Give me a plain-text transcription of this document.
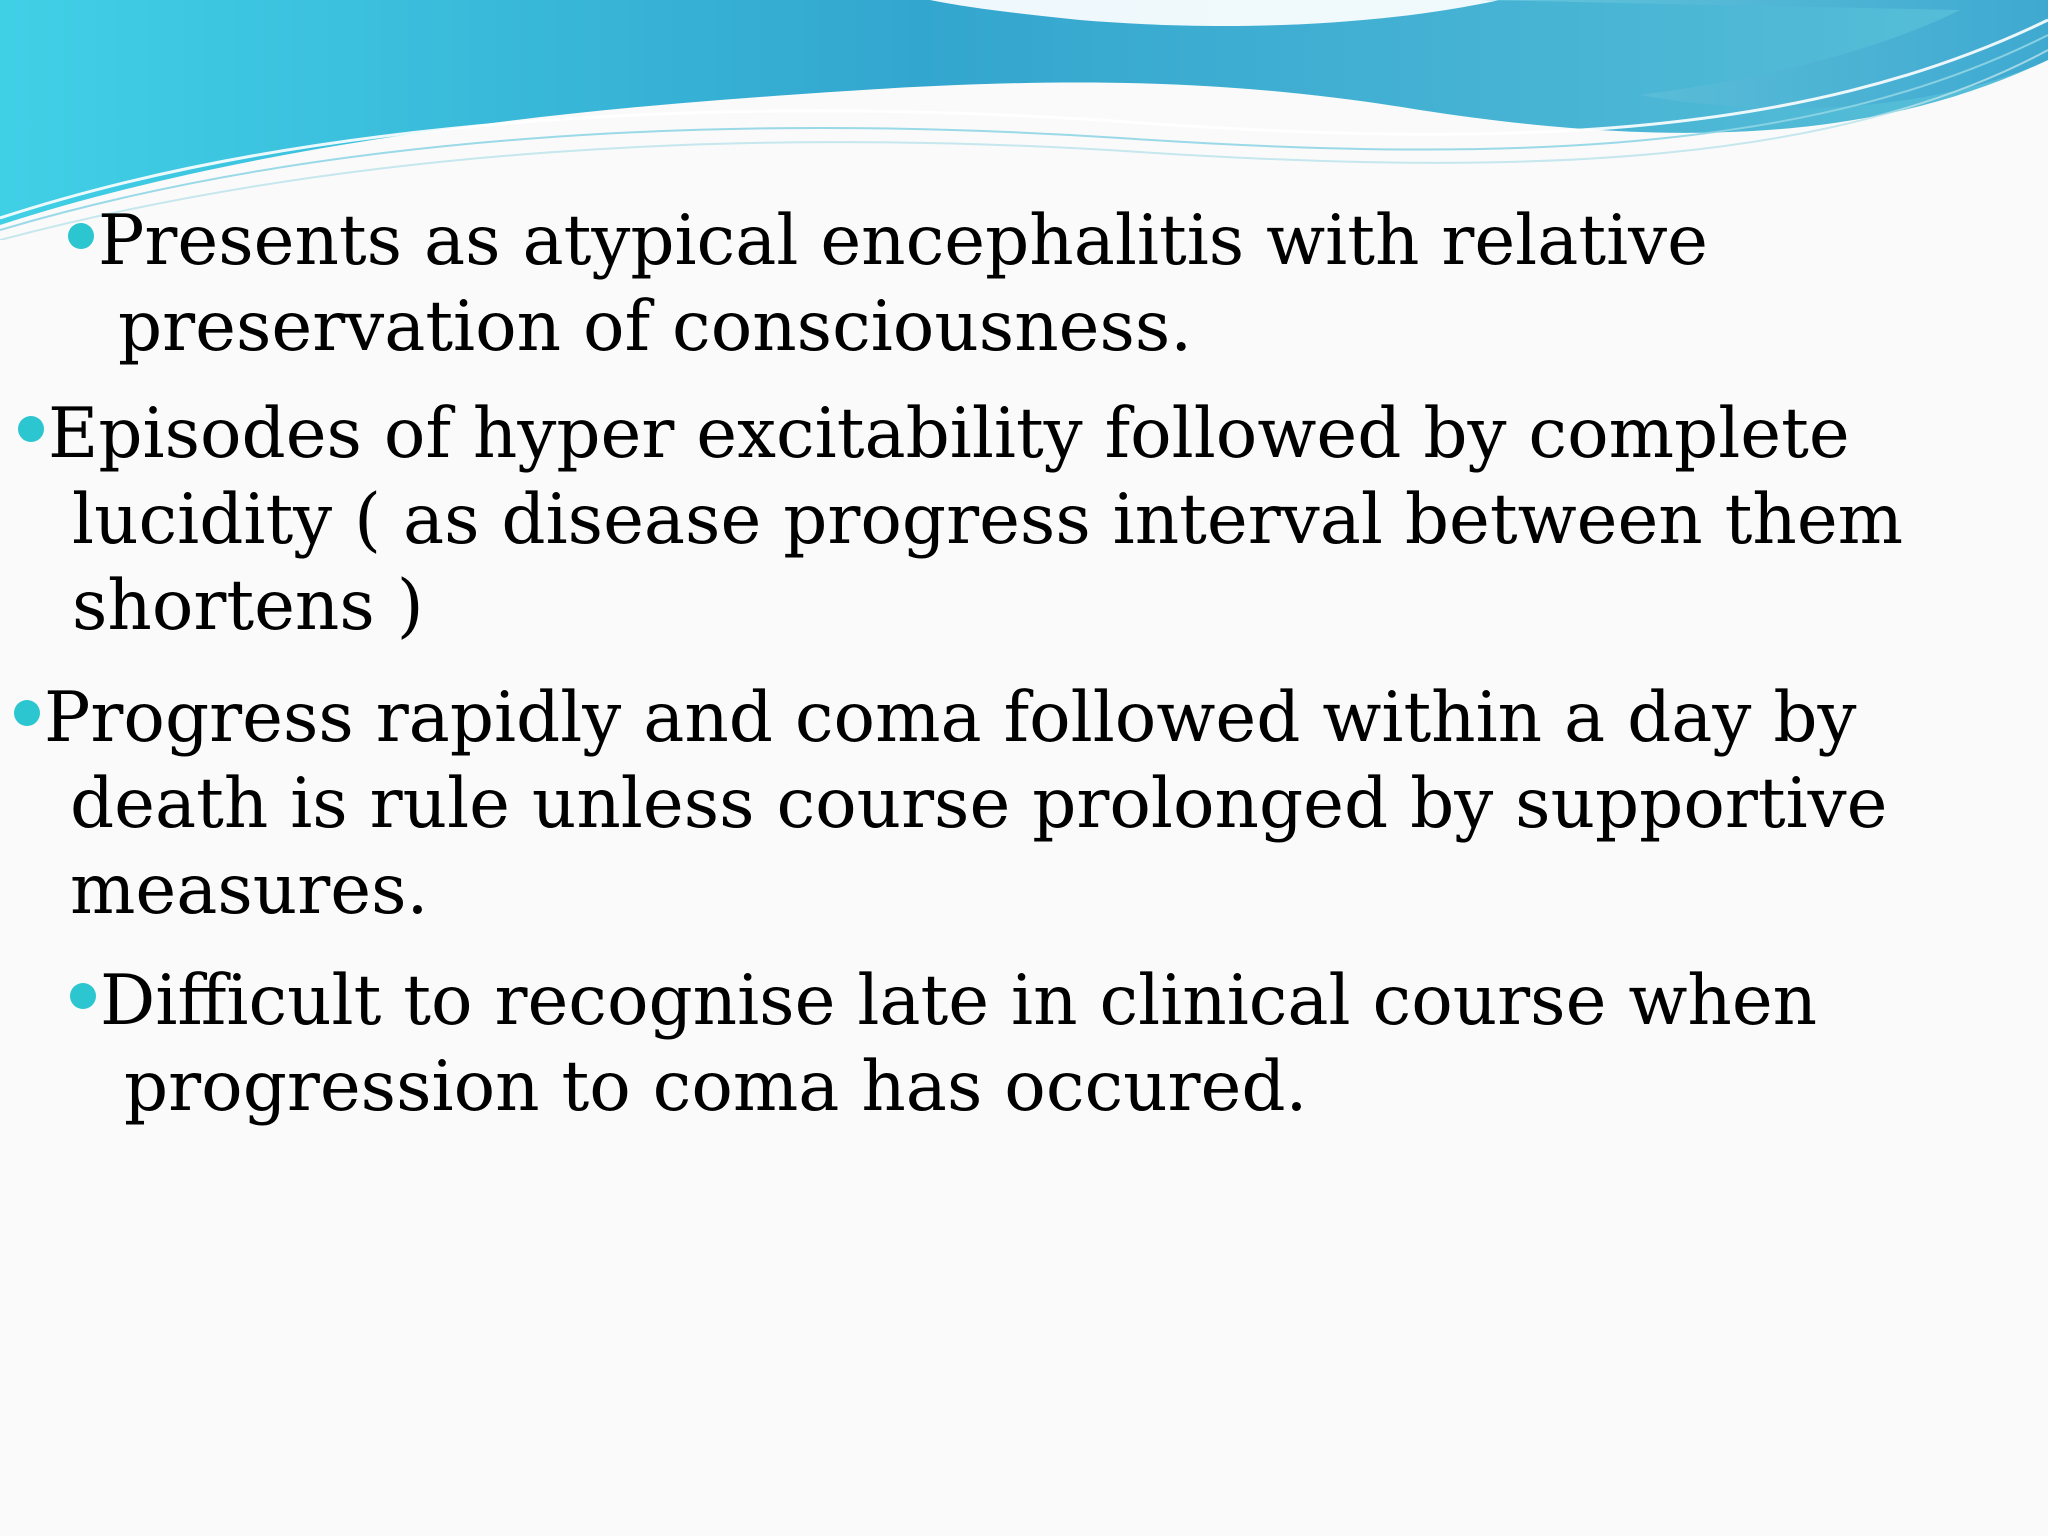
Presents as atypical encephalitis with relative
preservation of consciousness.
Episodes of hyper excitability followed by complete
lucidity ( as disease progress interval between them
shortens )
Progress rapidly and coma followed within a day by
death is rule unless course prolonged by supportive
measures.
Difficult to recognise late in clinical course when
progression to coma has occured.
